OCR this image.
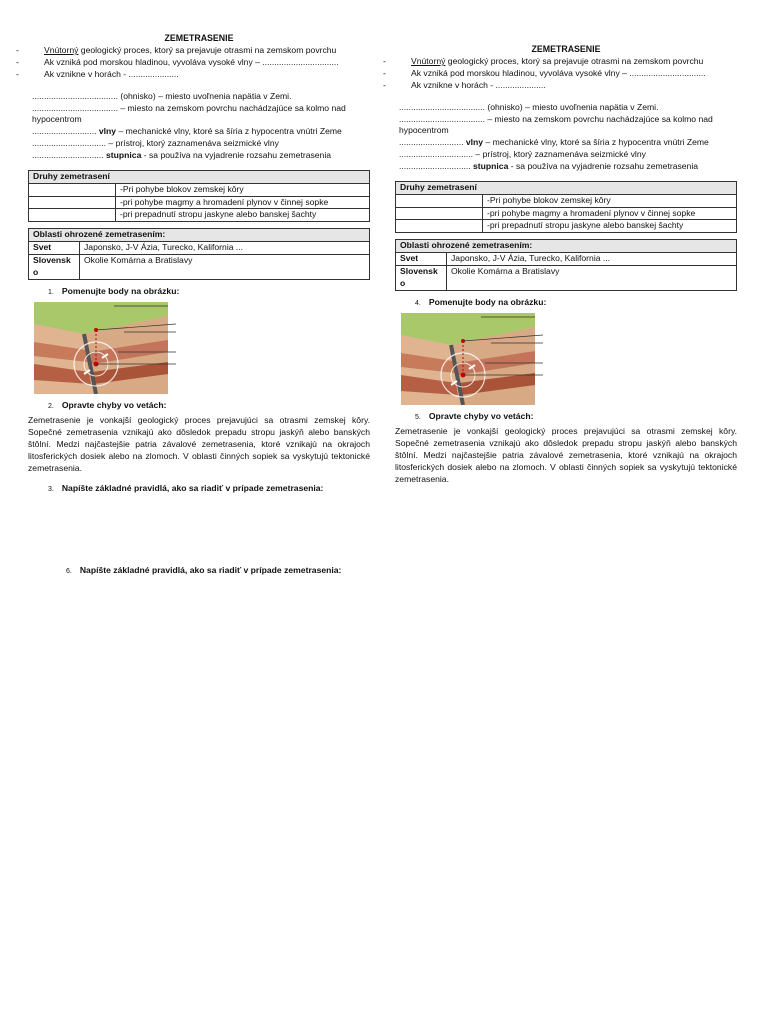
ZEMETRASENIE
- Vnútorný geologický proces, ktorý sa prejavuje otrasmi na zemskom povrchu
- Ak vzniká pod morskou hladinou, vyvoláva vysoké vlny – ................................
- Ak vznikne v horách - .....................

.................................... (ohnisko) – miesto uvoľnenia napätia v Zemi.

.................................... – miesto na zemskom povrchu nachádzajúce sa kolmo nad hypocentrom

........................... vlny – mechanické vlny, ktoré sa šíria z hypocentra vnútri Zeme

............................... – prístroj, ktorý zaznamenáva seizmické vlny

.............................. stupnica - sa používa na vyjadrenie rozsahu zemetrasenia

Druhy zemetrasení	
	-Pri pohybe blokov zemskej kôry
	-pri pohybe magmy a hromadení plynov v činnej sopke
	-pri prepadnutí stropu jaskyne alebo banskej šachty
Oblasti ohrozené zemetrasením:	
Svet	Japonsko, J-V Ázia, Turecko, Kalifornia ...
Slovensk o	Okolie Komárna a Bratislavy
1. Pomenujte body na obrázku:
2. Opravte chyby vo vetách:

Zemetrasenie je vonkajší geologický proces prejavujúci sa otrasmi zemskej kôry. Sopečné zemetrasenia vznikajú ako dôsledok prepadu stropu jaskýň alebo banských štôlní. Medzi najčastejšie patria závalové zemetrasenia, ktoré vznikajú na okrajoch litosferických dosiek alebo na zlomoch. V oblasti činných sopiek sa vyskytujú tektonické zemetrasenia.

3. Napíšte základné pravidlá, ako sa riadiť v prípade zemetrasenia:
6. Napíšte základné pravidlá, ako sa riadiť v prípade zemetrasenia:
ZEMETRASENIE
- Vnútorný geologický proces, ktorý sa prejavuje otrasmi na zemskom povrchu
- Ak vzniká pod morskou hladinou, vyvoláva vysoké vlny – ................................
- Ak vznikne v horách - .....................

.................................... (ohnisko) – miesto uvoľnenia napätia v Zemi.

.................................... – miesto na zemskom povrchu nachádzajúce sa kolmo nad hypocentrom

........................... vlny – mechanické vlny, ktoré sa šíria z hypocentra vnútri Zeme

............................... – prístroj, ktorý zaznamenáva seizmické vlny

.............................. stupnica - sa používa na vyjadrenie rozsahu zemetrasenia

Druhy zemetrasení	
	-Pri pohybe blokov zemskej kôry
	-pri pohybe magmy a hromadení plynov v činnej sopke
	-pri prepadnutí stropu jaskyne alebo banskej šachty
Oblasti ohrozené zemetrasením:	
Svet	Japonsko, J-V Ázia, Turecko, Kalifornia ...
Slovensk o	Okolie Komárna a Bratislavy
4. Pomenujte body na obrázku:
5. Opravte chyby vo vetách:

Zemetrasenie je vonkajší geologický proces prejavujúci sa otrasmi zemskej kôry. Sopečné zemetrasenia vznikajú ako dôsledok prepadu stropu jaskýň alebo banských štôlní. Medzi najčastejšie patria závalové zemetrasenia, ktoré vznikajú na okrajoch litosferických dosiek alebo na zlomoch. V oblasti činných sopiek sa vyskytujú tektonické zemetrasenia.
